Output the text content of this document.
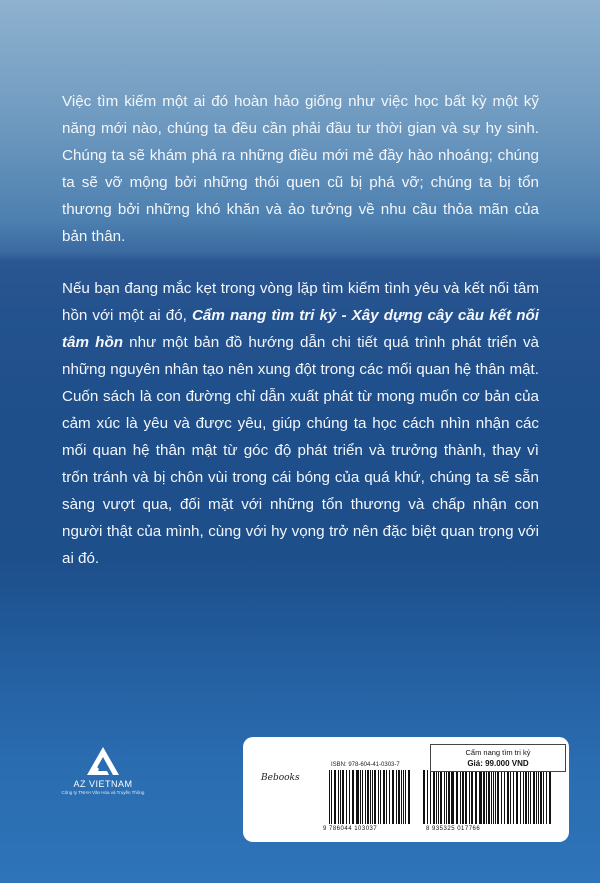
Việc tìm kiếm một ai đó hoàn hảo giống như việc học bất kỳ một kỹ năng mới nào, chúng ta đều cần phải đầu tư thời gian và sự hy sinh. Chúng ta sẽ khám phá ra những điều mới mẻ đầy hào nhoáng; chúng ta sẽ vỡ mộng bởi những thói quen cũ bị phá vỡ; chúng ta bị tổn thương bởi những khó khăn và ảo tưởng về nhu cầu thỏa mãn của bản thân.

Nếu bạn đang mắc kẹt trong vòng lặp tìm kiếm tình yêu và kết nối tâm hồn với một ai đó, Cẩm nang tìm tri kỷ - Xây dựng cây cầu kết nối tâm hồn như một bản đồ hướng dẫn chi tiết quá trình phát triển và những nguyên nhân tạo nên xung đột trong các mối quan hệ thân mật. Cuốn sách là con đường chỉ dẫn xuất phát từ mong muốn cơ bản của cảm xúc là yêu và được yêu, giúp chúng ta học cách nhìn nhận các mối quan hệ thân mật từ góc độ phát triển và trưởng thành, thay vì trốn tránh và bị chôn vùi trong cái bóng của quá khứ, chúng ta sẽ sẵn sàng vượt qua, đối mặt với những tổn thương và chấp nhận con người thật của mình, cùng với hy vọng trở nên đặc biệt quan trọng với ai đó.

AZ VIETNAM
Công ty TNHH Văn Hóa và Truyền Thông
Bebooks
ISBN: 978-604-41-0303-7
9 786044 103037	8 935325 017766
Cẩm nang tìm tri kỷ
Giá: 99.000 VND
